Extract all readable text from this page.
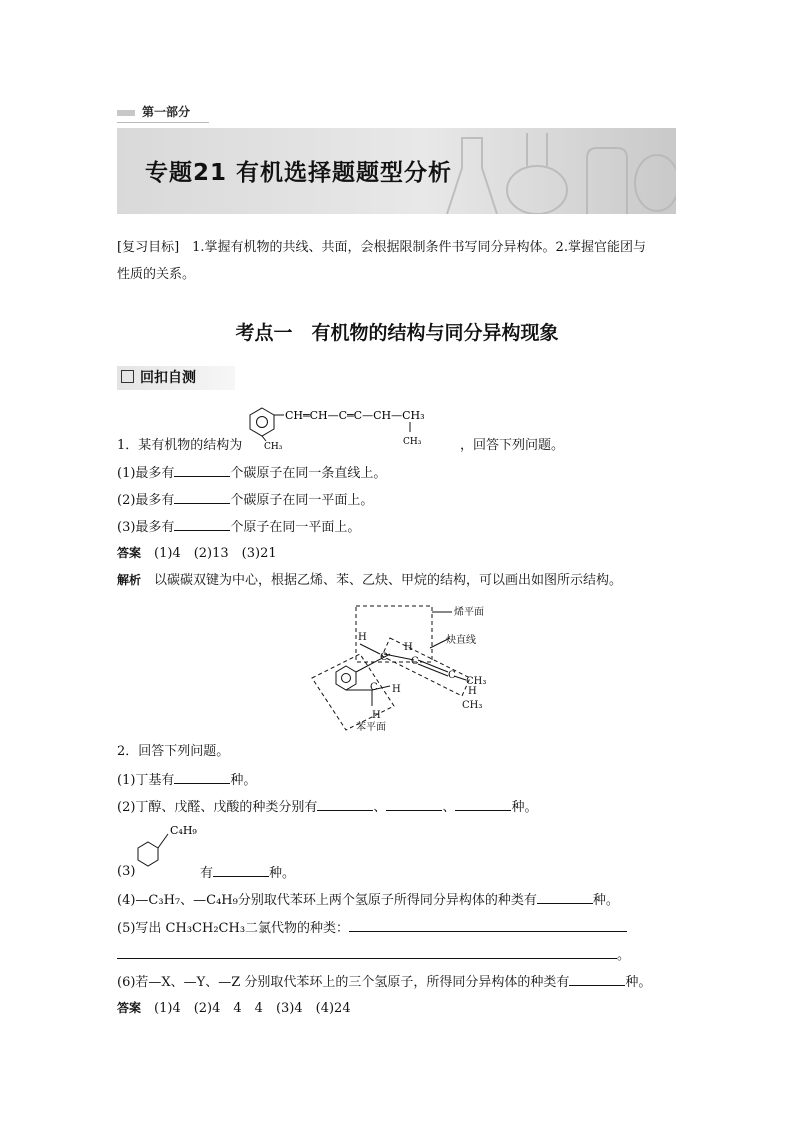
第一部分
专题21 有机选择题题型分析
[复习目标]　1.掌握有机物的共线、共面，会根据限制条件书写同分异构体。2.掌握官能团与
性质的关系。
考点一　有机物的结构与同分异构现象
回扣自测
CH═CH—C═C—CH—CH₃
CH₃	CH₃
1．某有机物的结构为	，回答下列问题。
(1)最多有	个碳原子在同一条直线上。
(2)最多有	个碳原子在同一平面上。
(3)最多有	个原子在同一平面上。
答案　 (1)4　(2)13　(3)21
解析　 以碳碳双键为中心，根据乙烯、苯、乙炔、甲烷的结构，可以画出如图所示结构。
烯平面
炔直线
H
H
C C
C
CH₃
H
CH₃
C H
H
苯平面
2．回答下列问题。
(1)丁基有	种。
(2)丁醇、戊醛、戊酸的种类分别有	、	、	种。
C₄H₉
(3)	有	种。
(4)—C₃H₇、—C₄H₉分别取代苯环上两个氢原子所得同分异构体的种类有	种。
(5)写出 CH₃CH₂CH₃二氯代物的种类：
。
(6)若—X、—Y、—Z 分别取代苯环上的三个氢原子，所得同分异构体的种类有	种。
答案　 (1)4　(2)4　4　4　(3)4　(4)24
